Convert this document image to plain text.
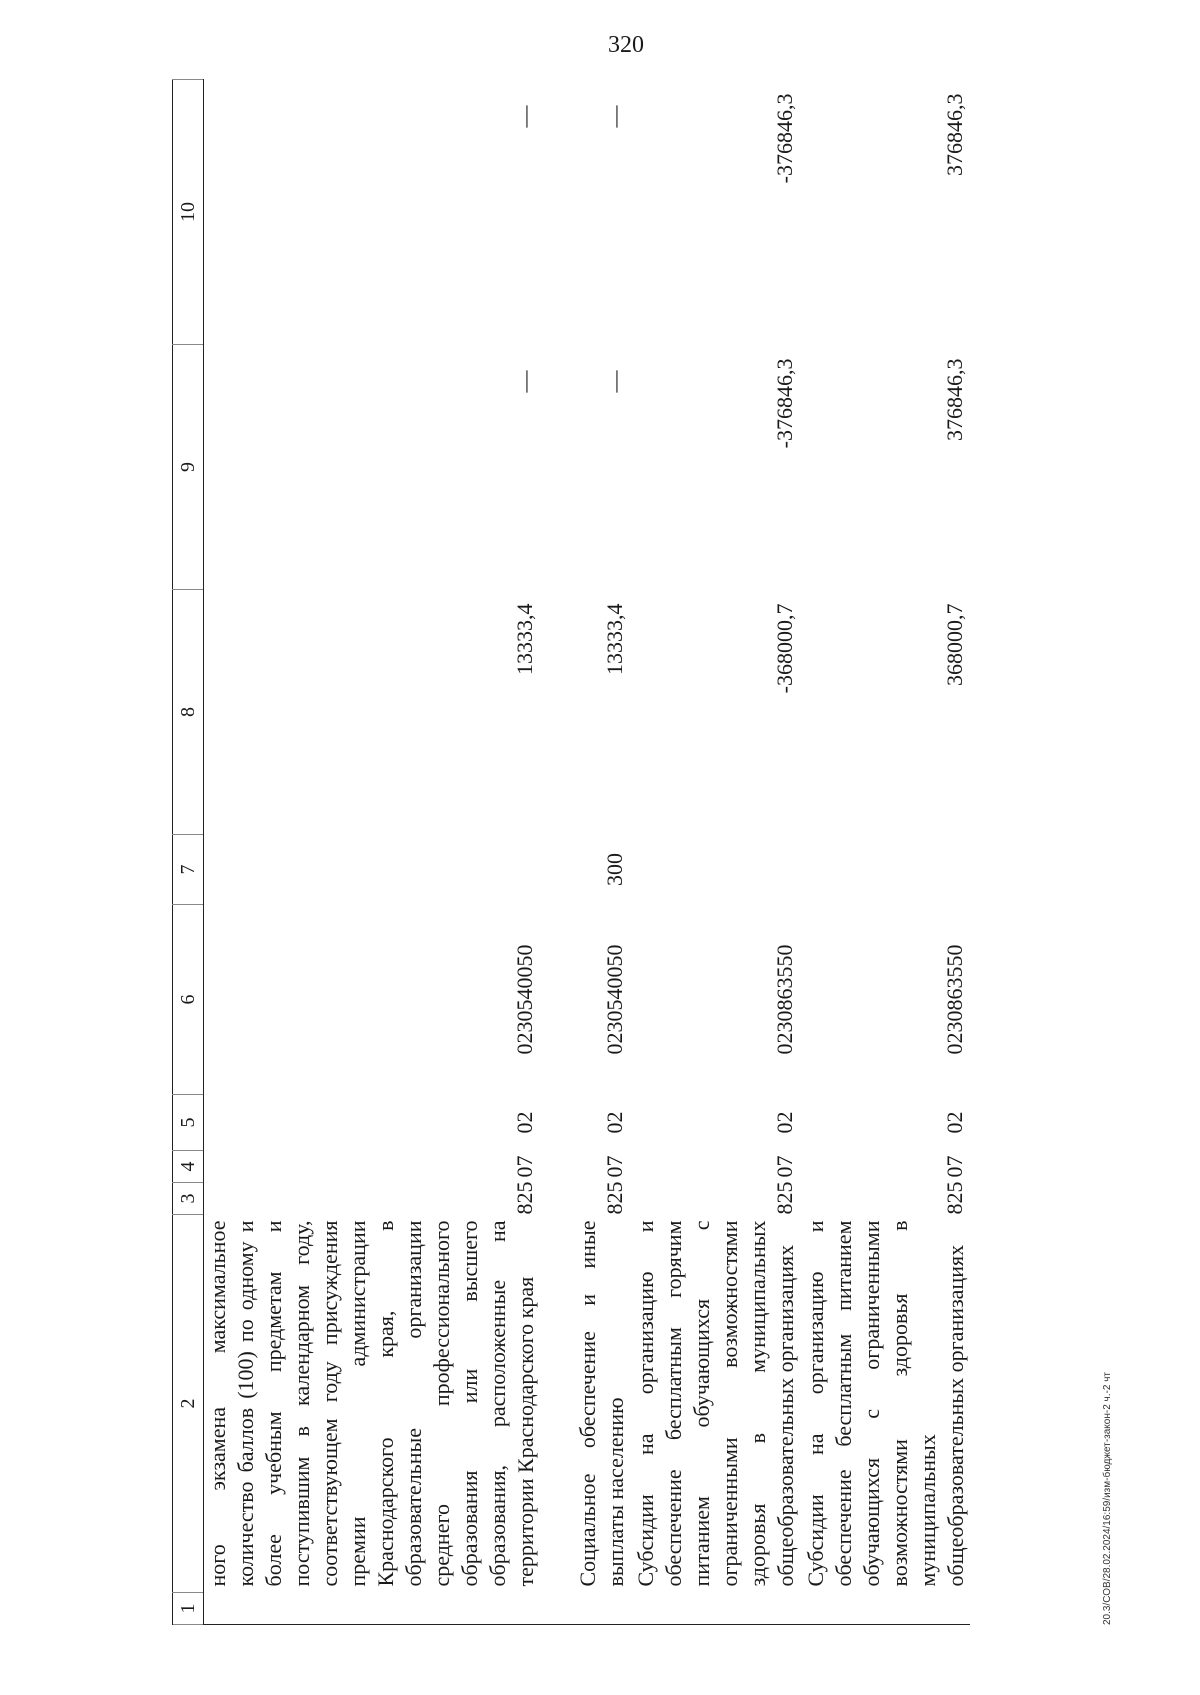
320
20.3/СОВ/28.02.2024/16:59/изм-бюджет-закон-2 ч.-2 чт
1	2	3	4	5	6	7	8	9	10
	ного экзамена максимальное количество баллов (100) по одному и более учебным предметам и поступившим в календарном году, соответствующем году присуждения премии администрации Краснодарского края, в образовательные организации среднего профессионального образования или высшего образования, расположенные на территории Краснодарского края	825	07	02	0230540050		13333,4	—	—
	Социальное обеспечение и иные выплаты населению	825	07	02	0230540050	300	13333,4	—	—
	Субсидии на организацию и обеспечение бесплатным горячим питанием обучающихся с ограниченными возможностями здоровья в муниципальных общеобразовательных организациях	825	07	02	0230863550		-368000,7	-376846,3	-376846,3
	Субсидии на организацию и обеспечение бесплатным питанием обучающихся с ограниченными возможностями здоровья в муниципальных общеобразовательных организациях	825	07	02	0230863550		368000,7	376846,3	376846,3
